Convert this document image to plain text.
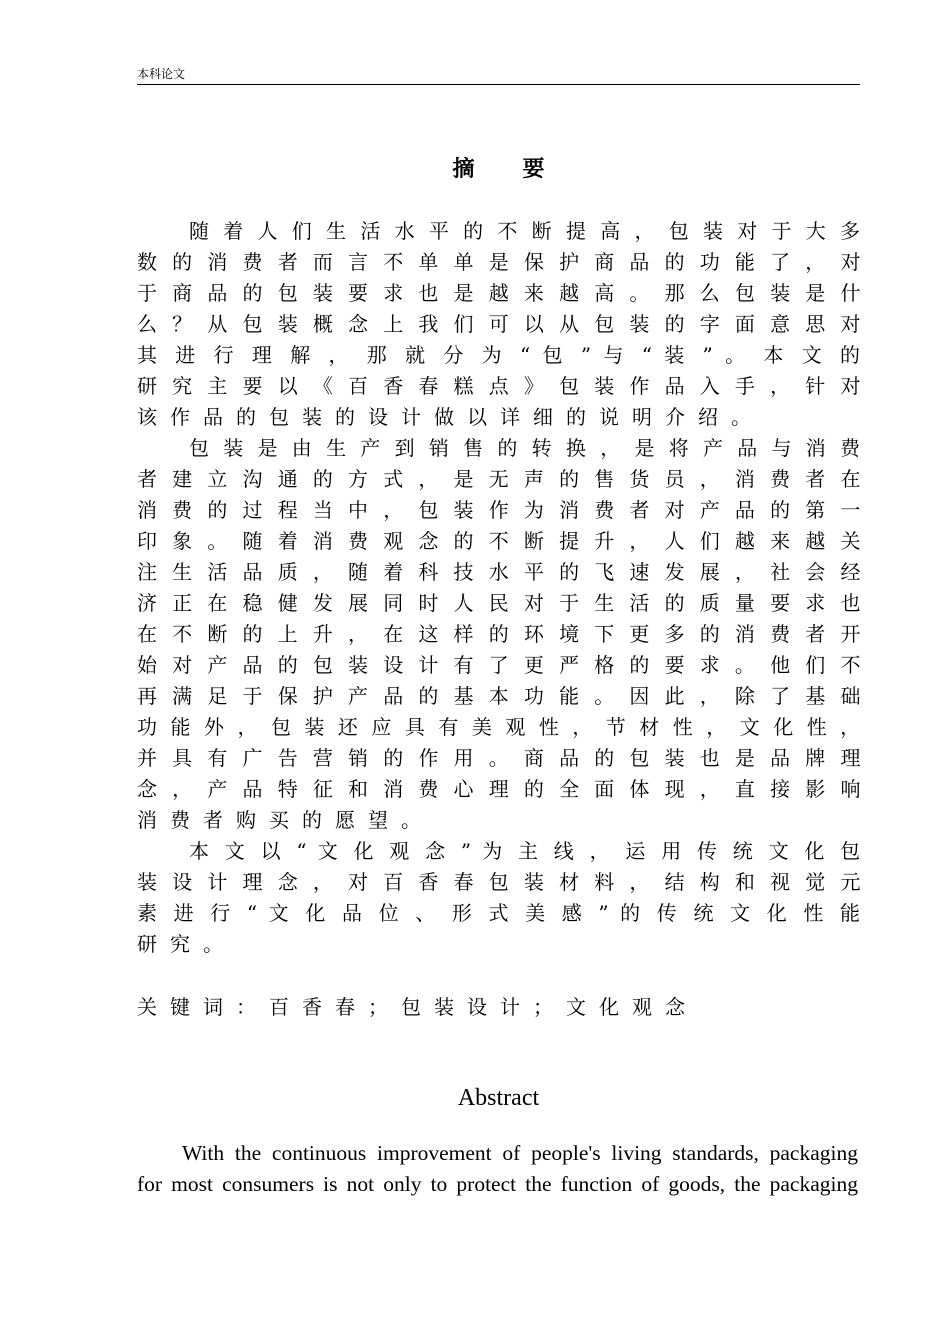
本科论文
摘要
随 着 人 们 生 活 水 平 的 不 断 提 高 ， 包 装 对 于 大 多
数 的 消 费 者 而 言 不 单 单 是 保 护 商 品 的 功 能 了 ， 对
于 商 品 的 包 装 要 求 也 是 越 来 越 高 。 那 么 包 装 是 什
么 ？ 从 包 装 概 念 上 我 们 可 以 从 包 装 的 字 面 意 思 对
其 进 行 理 解 ， 那 就 分 为 “ 包 ” 与 “ 装 ” 。 本 文 的
研 究 主 要 以 《 百 香 春 糕 点 》 包 装 作 品 入 手 ， 针 对
该作品的包装的设计做以详细的说明介绍。
包 装 是 由 生 产 到 销 售 的 转 换 ， 是 将 产 品 与 消 费
者 建 立 沟 通 的 方 式 ， 是 无 声 的 售 货 员 ， 消 费 者 在
消 费 的 过 程 当 中 ， 包 装 作 为 消 费 者 对 产 品 的 第 一
印 象 。 随 着 消 费 观 念 的 不 断 提 升 ， 人 们 越 来 越 关
注 生 活 品 质 ， 随 着 科 技 水 平 的 飞 速 发 展 ， 社 会 经
济 正 在 稳 健 发 展 同 时 人 民 对 于 生 活 的 质 量 要 求 也
在 不 断 的 上 升 ， 在 这 样 的 环 境 下 更 多 的 消 费 者 开
始 对 产 品 的 包 装 设 计 有 了 更 严 格 的 要 求 。 他 们 不
再 满 足 于 保 护 产 品 的 基 本 功 能 。 因 此 ， 除 了 基 础
功 能 外 ， 包 装 还 应 具 有 美 观 性 ， 节 材 性 ， 文 化 性 ，
并 具 有 广 告 营 销 的 作 用 。 商 品 的 包 装 也 是 品 牌 理
念 ， 产 品 特 征 和 消 费 心 理 的 全 面 体 现 ， 直 接 影 响
消费者购买的愿望。
本 文 以 “ 文 化 观 念 ” 为 主 线 ， 运 用 传 统 文 化 包
装 设 计 理 念 ， 对 百 香 春 包 装 材 料 ， 结 构 和 视 觉 元
素 进 行 “ 文 化 品 位 、 形 式 美 感 ” 的 传 统 文 化 性 能
研究。
关键词：百香春；包装设计；文化观念
Abstract
With the continuous improvement of people's living standards, packaging
for most consumers is not only to protect the function of goods, the packaging
